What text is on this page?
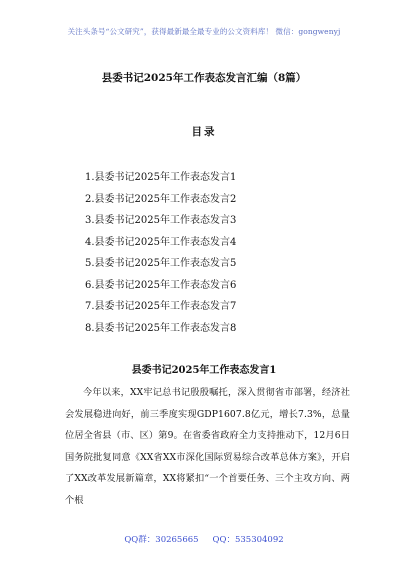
关注头条号“公文研究”，获得最新最全最专业的公文资料库！ 微信：gongwenyj
县委书记2025年工作表态发言汇编（8篇）
目录
1.县委书记2025年工作表态发言1
2.县委书记2025年工作表态发言2
3.县委书记2025年工作表态发言3
4.县委书记2025年工作表态发言4
5.县委书记2025年工作表态发言5
6.县委书记2025年工作表态发言6
7.县委书记2025年工作表态发言7
8.县委书记2025年工作表态发言8
县委书记2025年工作表态发言1

今年以来，XX牢记总书记殷殷嘱托，深入贯彻省市部署，经济社会发展稳进向好，前三季度实现GDP1607.8亿元，增长7.3%，总量位居全省县（市、区）第9。在省委省政府全力支持推动下，12月6日国务院批复同意《XX省XX市深化国际贸易综合改革总体方案》，开启了XX改革发展新篇章，XX将紧扣“一个首要任务、三个主攻方向、两个根

QQ群：30265665 QQ：535304092
